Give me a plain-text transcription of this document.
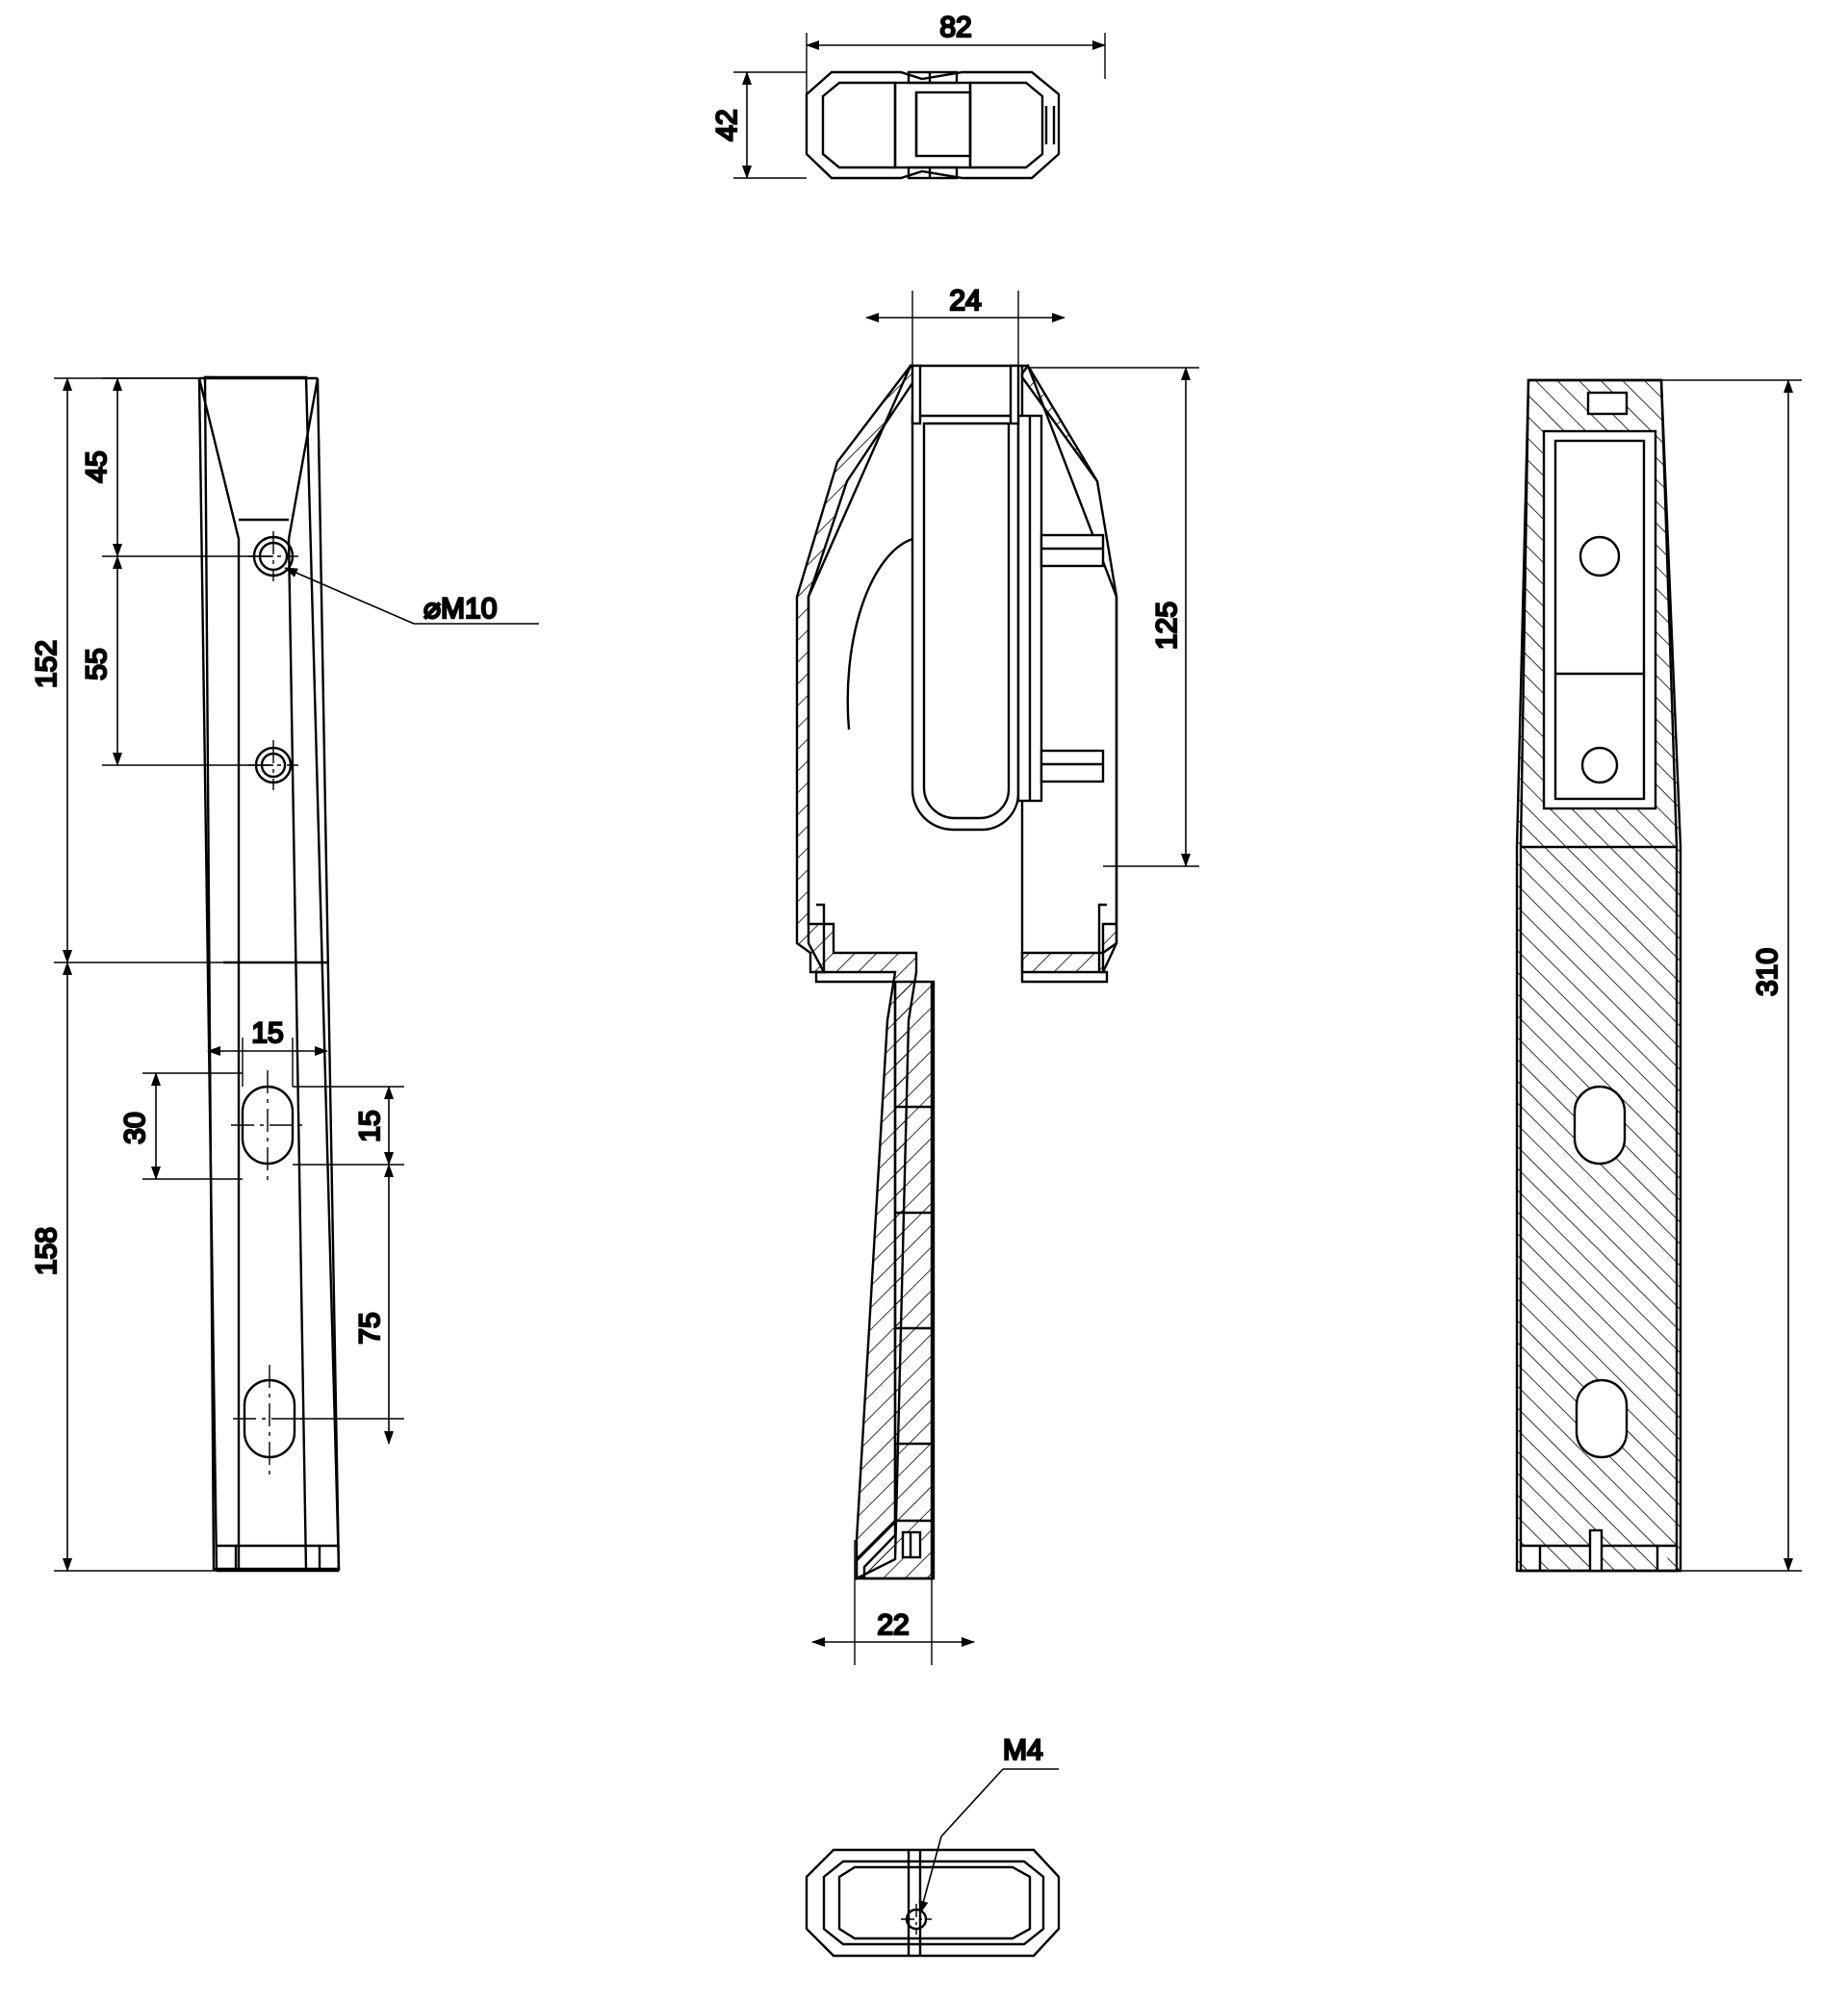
82
42
152
45
55
158
15
30	15
75
⌀M10
24
125
22
310
M4
